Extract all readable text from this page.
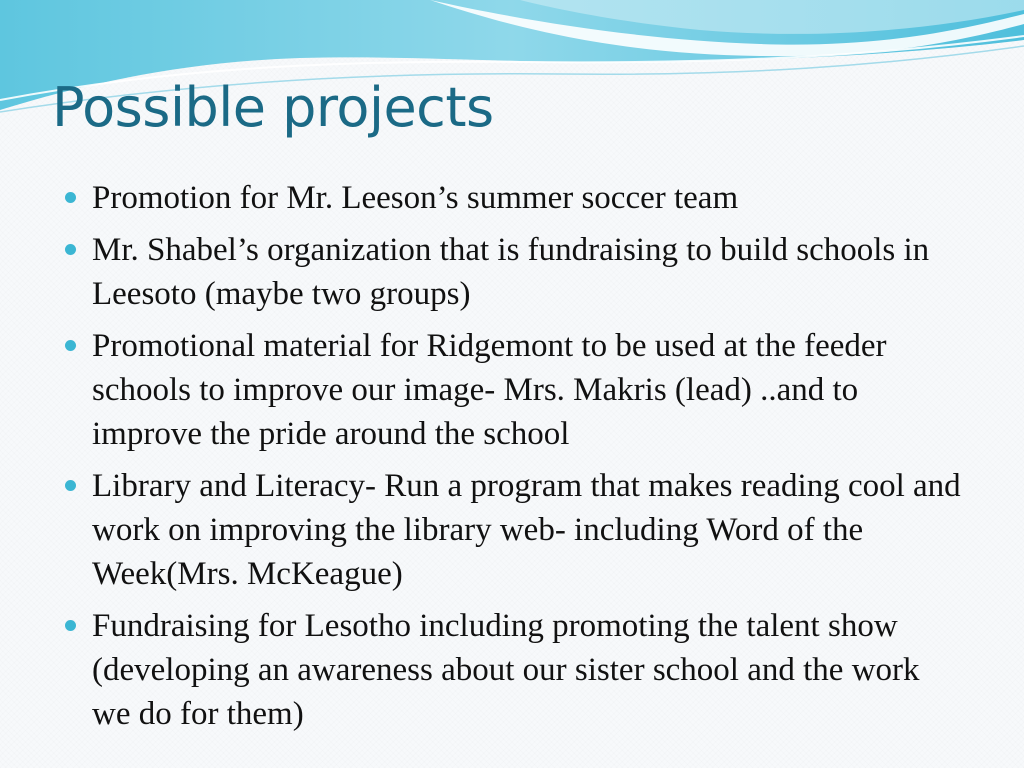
Possible projects
Promotion for Mr. Leeson’s summer soccer team
Mr. Shabel’s organization that is fundraising to build schools in Leesoto (maybe two groups)
Promotional material for Ridgemont to be used at the feeder schools to improve our image- Mrs. Makris (lead) ..and to improve the pride around the school
Library and Literacy- Run a program that makes reading cool and work on improving the library web- including Word of the Week(Mrs. McKeague)
Fundraising for Lesotho including promoting the talent show (developing an awareness about our sister school and the work we do for them)
